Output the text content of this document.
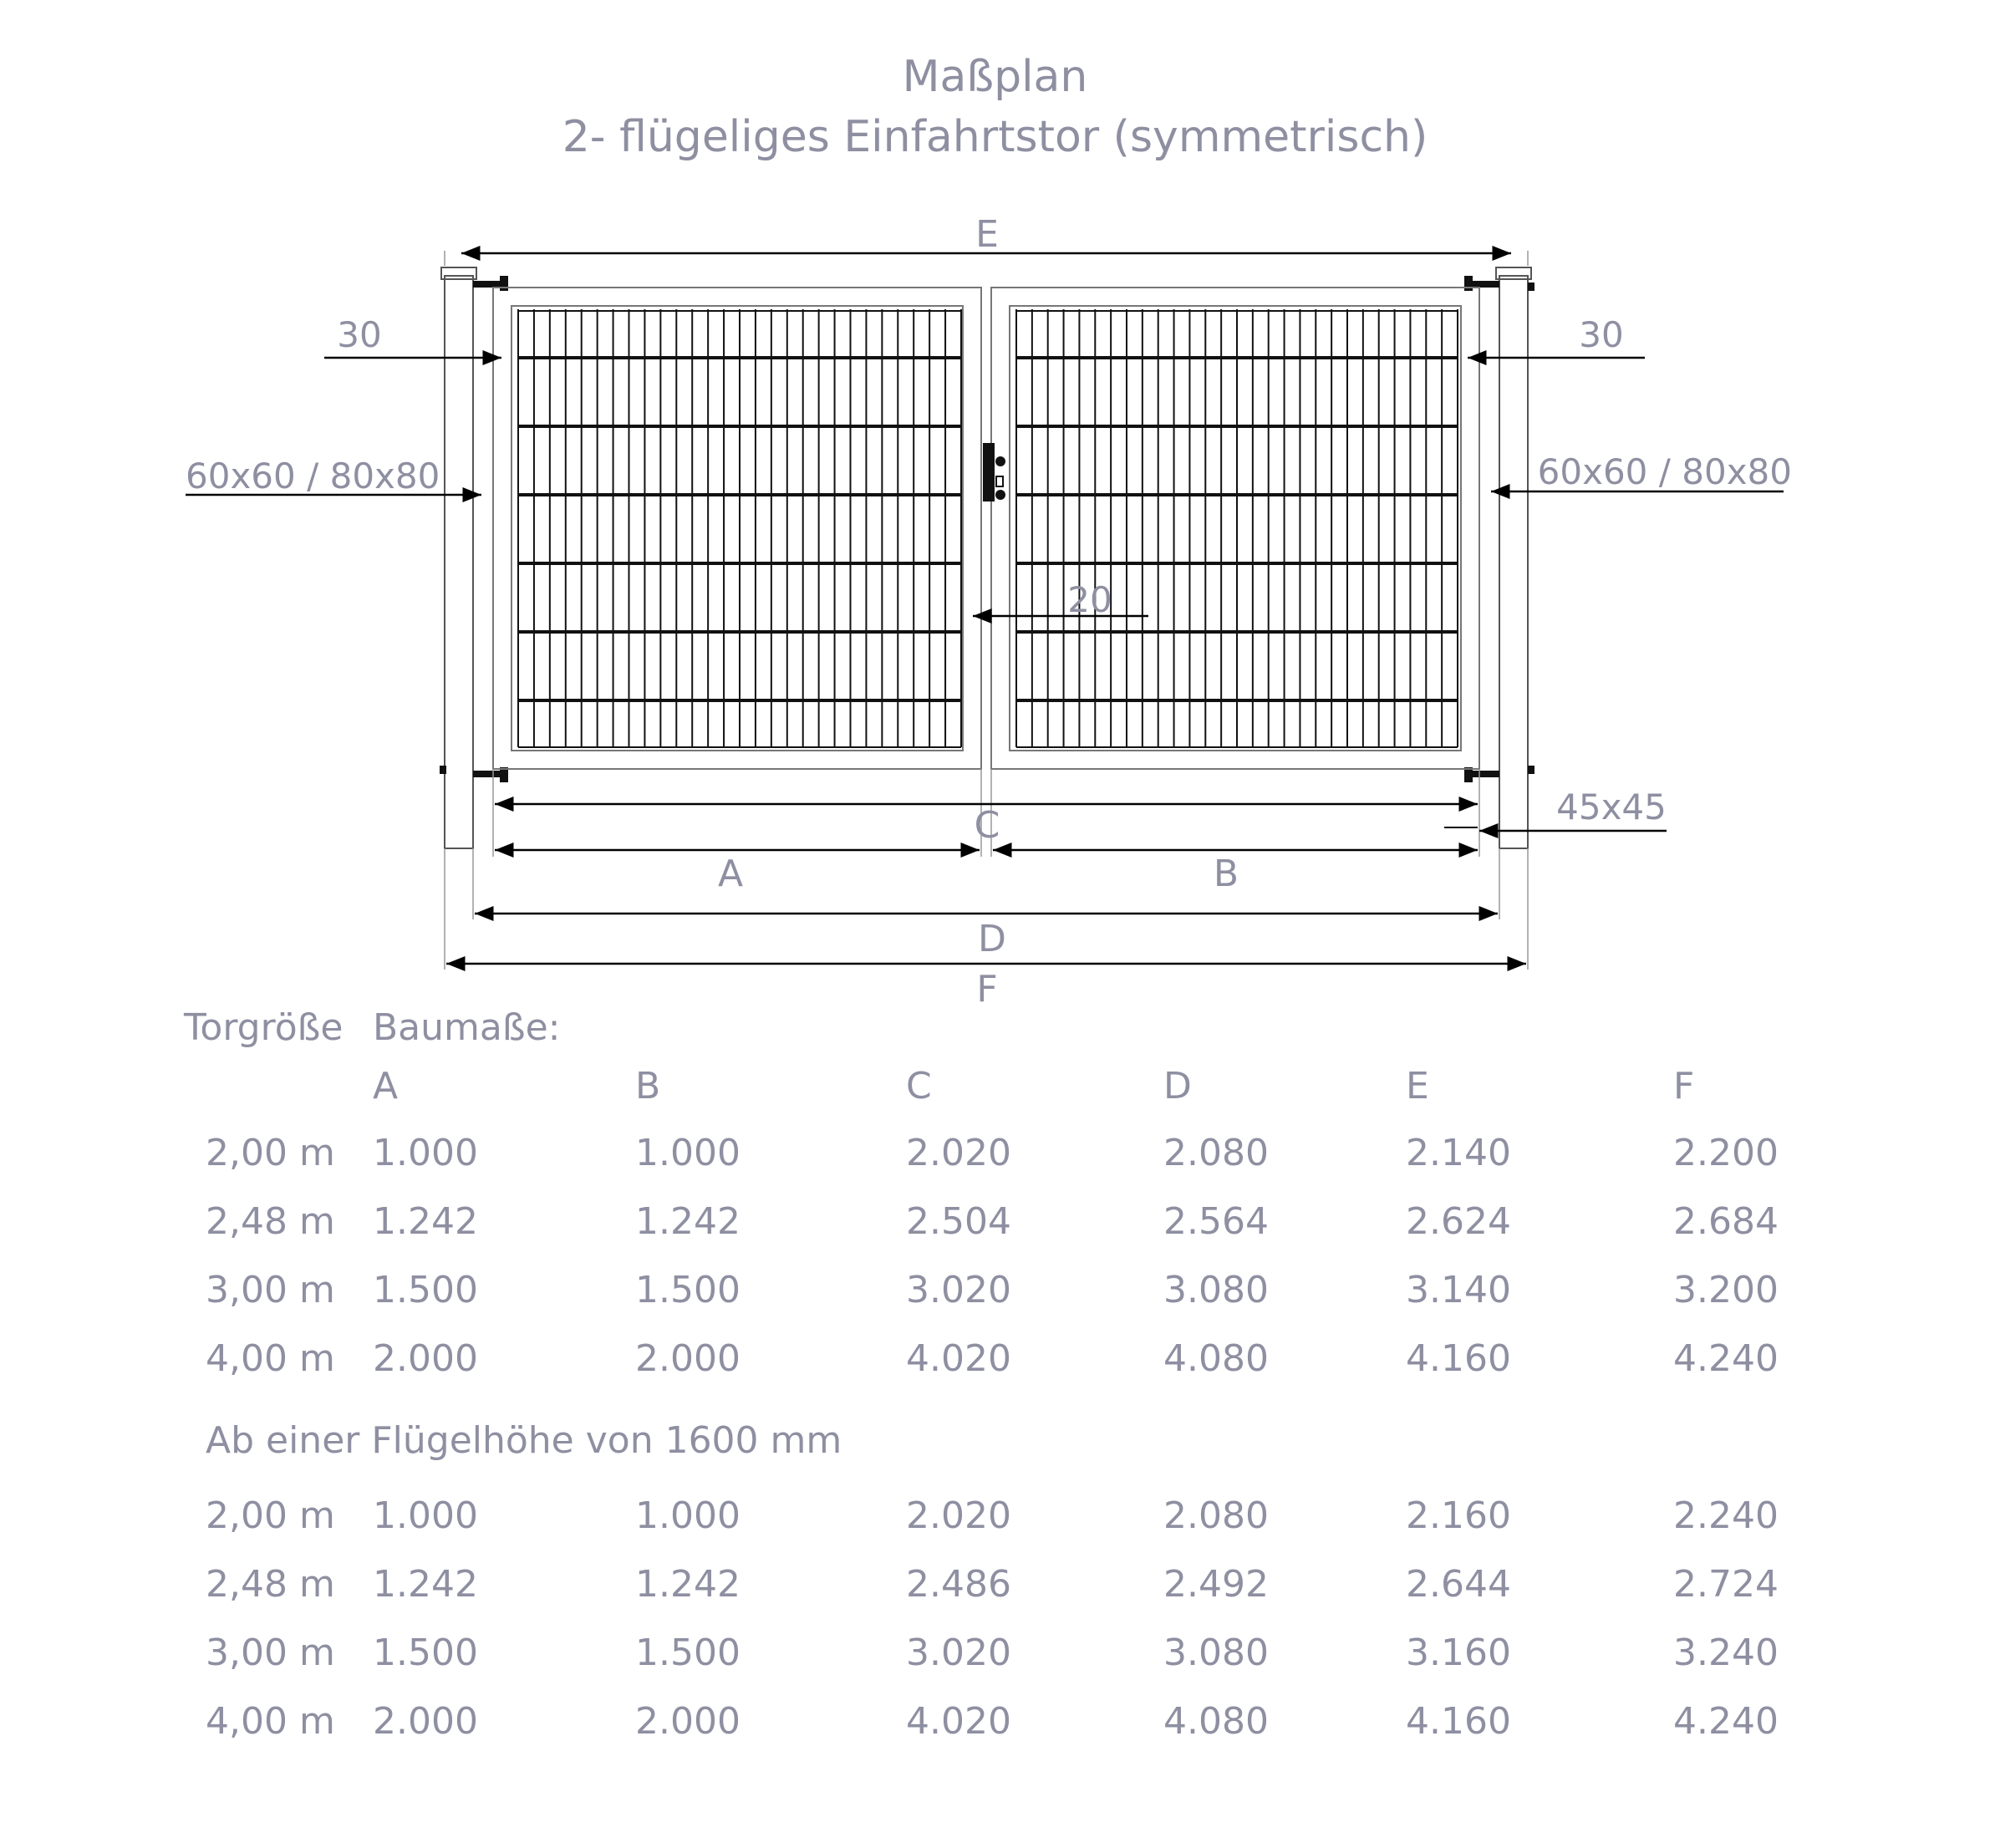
Maßplan
2- flügeliges Einfahrtstor (symmetrisch)
E
30	30
60x60 / 80x80	60x60 / 80x80
20
C	45x45
A	B
D
F
Torgröße Baumaße:
A	B	C	D	E	F
2,00 m 1.000	1.000	2.020	2.080	2.140	2.200
2,48 m 1.242	1.242	2.504	2.564	2.624	2.684
3,00 m 1.500	1.500	3.020	3.080	3.140	3.200
4,00 m 2.000	2.000	4.020	4.080	4.160	4.240
Ab einer Flügelhöhe von 1600 mm
2,00 m 1.000	1.000	2.020	2.080	2.160	2.240
2,48 m 1.242	1.242	2.486	2.492	2.644	2.724
3,00 m 1.500	1.500	3.020	3.080	3.160	3.240
4,00 m 2.000	2.000	4.020	4.080	4.160	4.240
